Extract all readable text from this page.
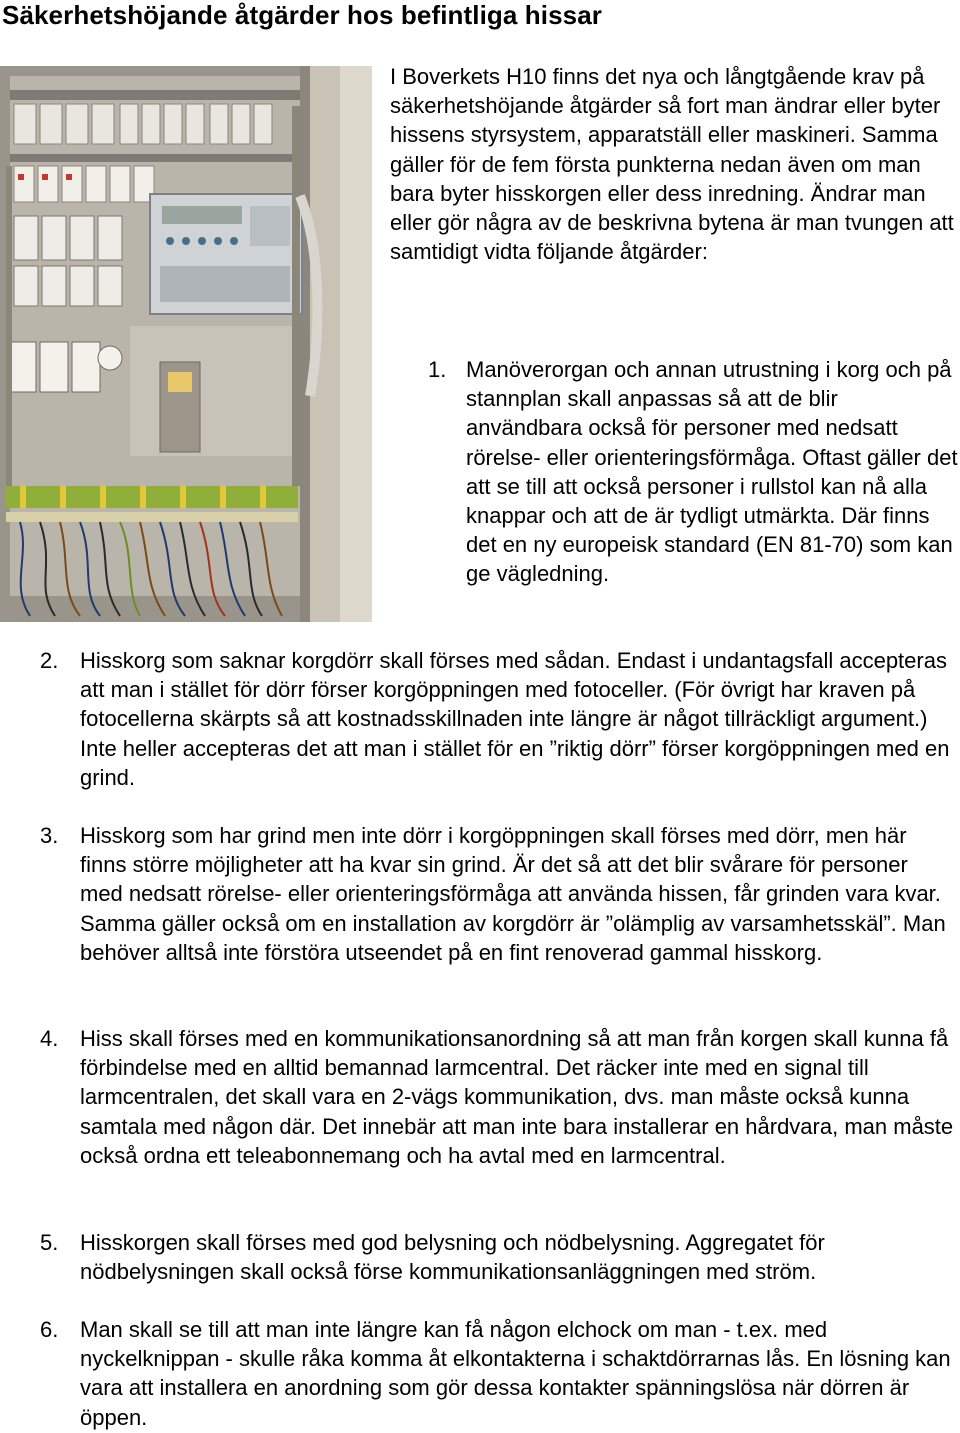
Säkerhetshöjande åtgärder hos befintliga hissar

I Boverkets H10 finns det nya och långtgående krav på säkerhetshöjande åtgärder så fort man ändrar eller byter hissens styrsystem, apparatställ eller maskineri. Samma gäller för de fem första punkterna nedan även om man bara byter hisskorgen eller dess inredning. Ändrar man eller gör några av de beskrivna bytena är man tvungen att samtidigt vidta följande åtgärder:

1. Manöverorgan och annan utrustning i korg och på stannplan skall anpassas så att de blir användbara också för personer med nedsatt rörelse- eller orienteringsförmåga. Oftast gäller det att se till att också personer i rullstol kan nå alla knappar och att de är tydligt utmärkta. Där finns det en ny europeisk standard (EN 81-70) som kan ge vägledning.

2. Hisskorg som saknar korgdörr skall förses med sådan. Endast i undantagsfall accepteras att man i stället för dörr förser korgöppningen med fotoceller. (För övrigt har kraven på fotocellerna skärpts så att kostnadsskillnaden inte längre är något tillräckligt argument.) Inte heller accepteras det att man i stället för en ”riktig dörr” förser korgöppningen med en grind.

3. Hisskorg som har grind men inte dörr i korgöppningen skall förses med dörr, men här finns större möjligheter att ha kvar sin grind. Är det så att det blir svårare för personer med nedsatt rörelse- eller orienteringsförmåga att använda hissen, får grinden vara kvar. Samma gäller också om en installation av korgdörr är ”olämplig av varsamhetsskäl”. Man behöver alltså inte förstöra utseendet på en fint renoverad gammal hisskorg.

4. Hiss skall förses med en kommunikationsanordning så att man från korgen skall kunna få förbindelse med en alltid bemannad larmcentral. Det räcker inte med en signal till larmcentralen, det skall vara en 2-vägs kommunikation, dvs. man måste också kunna samtala med någon där. Det innebär att man inte bara installerar en hårdvara, man måste också ordna ett teleabonnemang och ha avtal med en larmcentral.

5. Hisskorgen skall förses med god belysning och nödbelysning. Aggregatet för nödbelysningen skall också förse kommunikationsanläggningen med ström.

6. Man skall se till att man inte längre kan få någon elchock om man - t.ex. med nyckelknippan - skulle råka komma åt elkontakterna i schaktdörrarnas lås. En lösning kan vara att installera en anordning som gör dessa kontakter spänningslösa när dörren är öppen.
